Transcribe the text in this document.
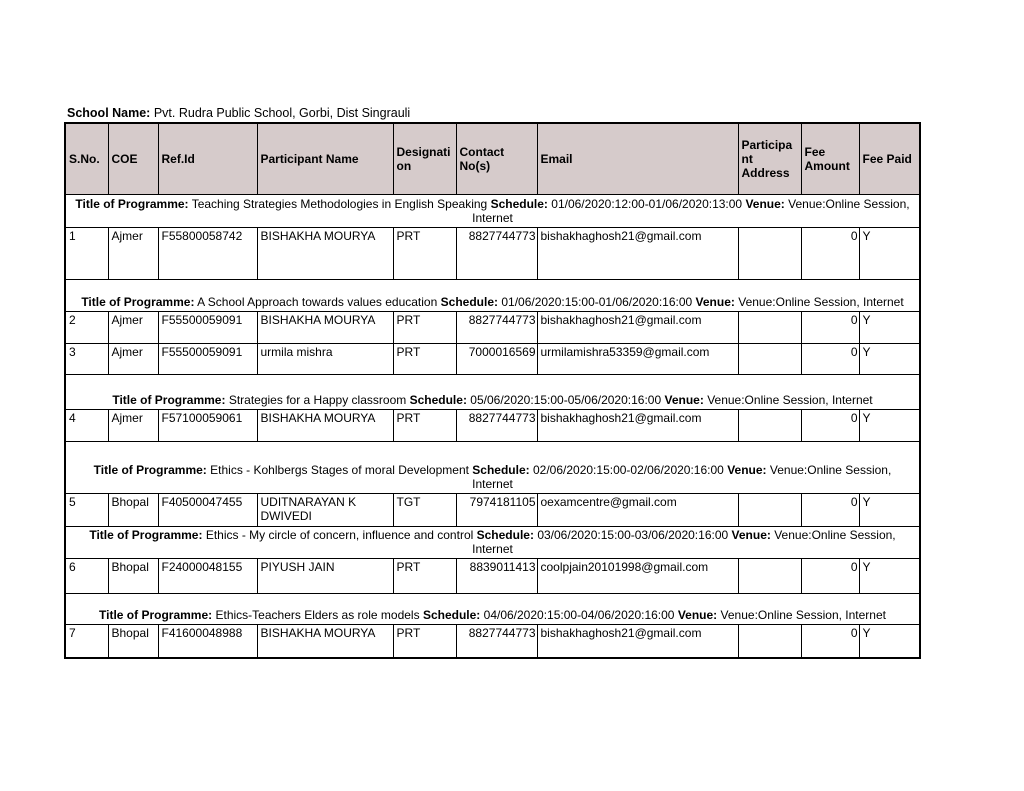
School Name: Pvt. Rudra Public School, Gorbi, Dist Singrauli
S.No.	COE	Ref.Id	Participant Name	Designation	Contact No(s)	Email	Participant Address	Fee Amount	Fee Paid
Title of Programme: Teaching Strategies Methodologies in English Speaking Schedule: 01/06/2020:12:00-01/06/2020:13:00 Venue: Venue:Online Session, Internet									
1	Ajmer	F55800058742	BISHAKHA MOURYA	PRT	8827744773	bishakhaghosh21@gmail.com		0	Y
Title of Programme: A School Approach towards values education Schedule: 01/06/2020:15:00-01/06/2020:16:00 Venue: Venue:Online Session, Internet									
2	Ajmer	F55500059091	BISHAKHA MOURYA	PRT	8827744773	bishakhaghosh21@gmail.com		0	Y
3	Ajmer	F55500059091	urmila mishra	PRT	7000016569	urmilamishra53359@gmail.com		0	Y
Title of Programme: Strategies for a Happy classroom Schedule: 05/06/2020:15:00-05/06/2020:16:00 Venue: Venue:Online Session, Internet									
4	Ajmer	F57100059061	BISHAKHA MOURYA	PRT	8827744773	bishakhaghosh21@gmail.com		0	Y
Title of Programme: Ethics - Kohlbergs Stages of moral Development Schedule: 02/06/2020:15:00-02/06/2020:16:00 Venue: Venue:Online Session, Internet									
5	Bhopal	F40500047455	UDITNARAYAN K DWIVEDI	TGT	7974181105	oexamcentre@gmail.com		0	Y
Title of Programme: Ethics - My circle of concern, influence and control Schedule: 03/06/2020:15:00-03/06/2020:16:00 Venue: Venue:Online Session, Internet									
6	Bhopal	F24000048155	PIYUSH JAIN	PRT	8839011413	coolpjain20101998@gmail.com		0	Y
Title of Programme: Ethics-Teachers Elders as role models Schedule: 04/06/2020:15:00-04/06/2020:16:00 Venue: Venue:Online Session, Internet									
7	Bhopal	F41600048988	BISHAKHA MOURYA	PRT	8827744773	bishakhaghosh21@gmail.com		0	Y
